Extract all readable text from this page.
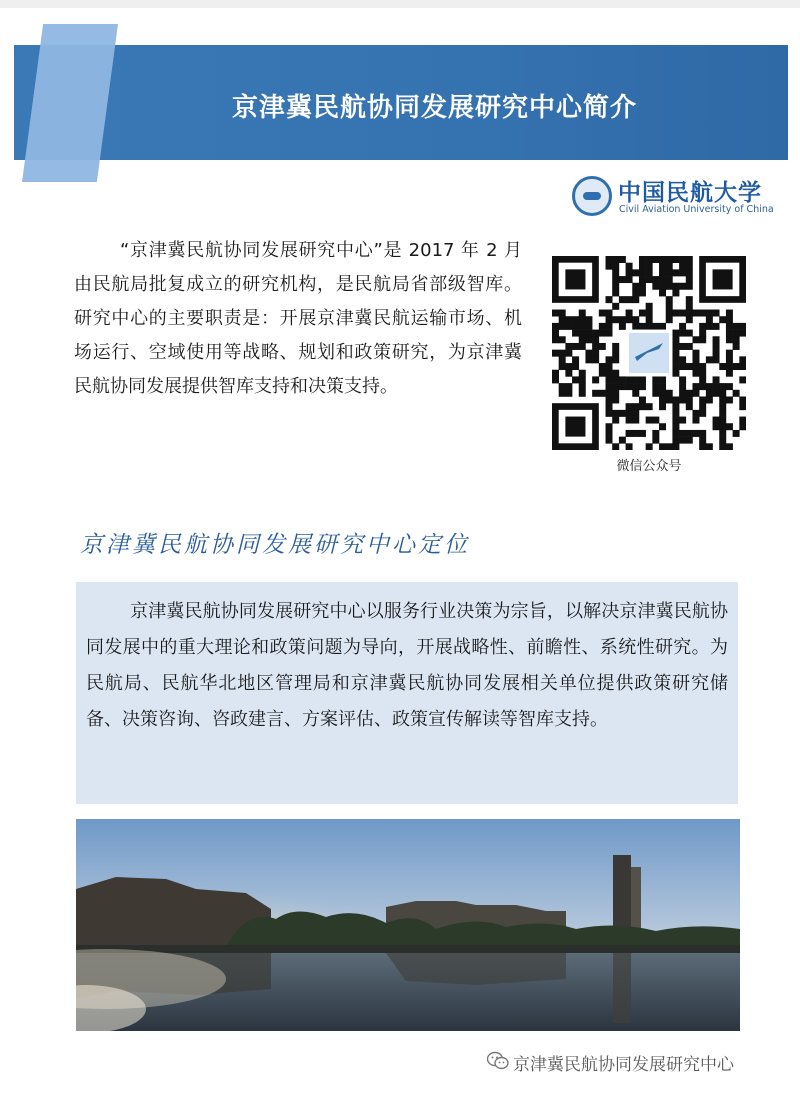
京津冀民航协同发展研究中心简介
中国民航大学
Civil Aviation University of China
“京津冀民航协同发展研究中心”是 2017 年 2 月由民航局批复成立的研究机构，是民航局省部级智库。研究中心的主要职责是：开展京津冀民航运输市场、机场运行、空域使用等战略、规划和政策研究，为京津冀民航协同发展提供智库支持和决策支持。
微信公众号
京津冀民航协同发展研究中心定位
京津冀民航协同发展研究中心以服务行业决策为宗旨，以解决京津冀民航协同发展中的重大理论和政策问题为导向，开展战略性、前瞻性、系统性研究。为民航局、民航华北地区管理局和京津冀民航协同发展相关单位提供政策研究储备、决策咨询、咨政建言、方案评估、政策宣传解读等智库支持。
京津冀民航协同发展研究中心
